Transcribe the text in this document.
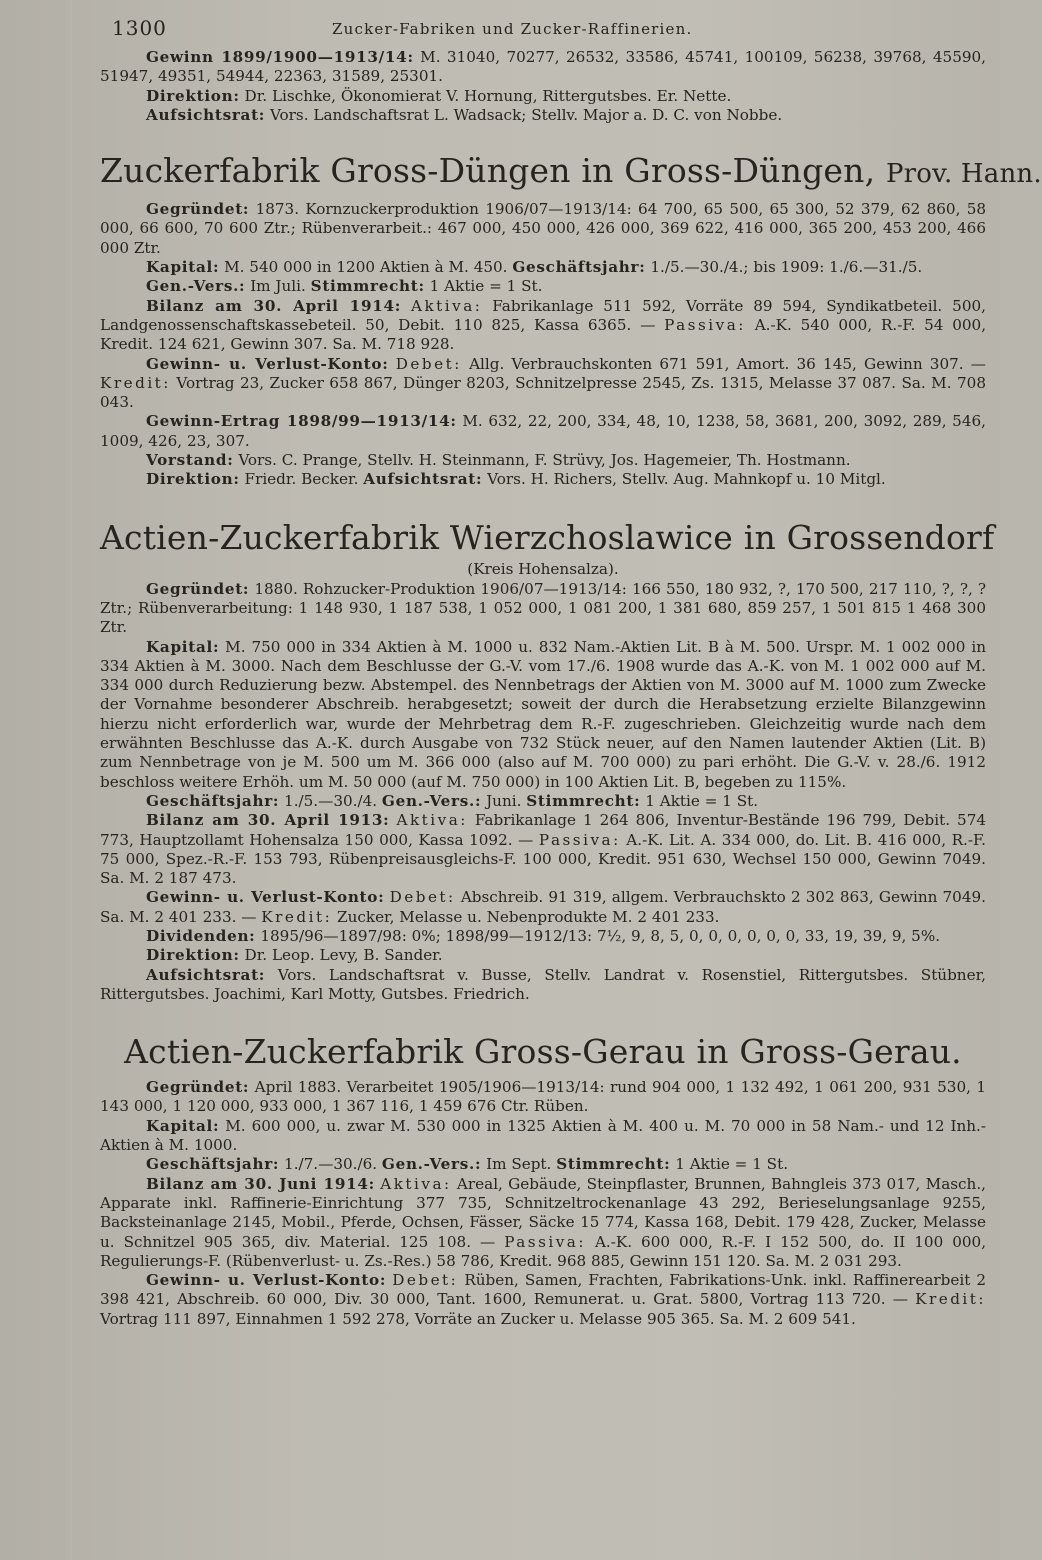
1300	Zucker-Fabriken und Zucker-Raffinerien.

Gewinn 1899/1900—1913/14: M. 31040, 70277, 26532, 33586, 45741, 100109, 56238, 39768, 45590, 51947, 49351, 54944, 22363, 31589, 25301.

Direktion: Dr. Lischke, Ökonomierat V. Hornung, Rittergutsbes. Er. Nette.

Aufsichtsrat: Vors. Landschaftsrat L. Wadsack; Stellv. Major a. D. C. von Nobbe.

Zuckerfabrik Gross-Düngen in Gross-Düngen, Prov. Hann.

Gegründet: 1873. Kornzuckerproduktion 1906/07—1913/14: 64 700, 65 500, 65 300, 52 379, 62 860, 58 000, 66 600, 70 600 Ztr.; Rübenverarbeit.: 467 000, 450 000, 426 000, 369 622, 416 000, 365 200, 453 200, 466 000 Ztr.

Kapital: M. 540 000 in 1200 Aktien à M. 450. Geschäftsjahr: 1./5.—30./4.; bis 1909: 1./6.—31./5.

Gen.-Vers.: Im Juli. Stimmrecht: 1 Aktie = 1 St.

Bilanz am 30. April 1914: Aktiva: Fabrikanlage 511 592, Vorräte 89 594, Syndikatbeteil. 500, Landgenossenschaftskassebeteil. 50, Debit. 110 825, Kassa 6365. — Passiva: A.-K. 540 000, R.-F. 54 000, Kredit. 124 621, Gewinn 307. Sa. M. 718 928.

Gewinn- u. Verlust-Konto: Debet: Allg. Verbrauchskonten 671 591, Amort. 36 145, Gewinn 307. — Kredit: Vortrag 23, Zucker 658 867, Dünger 8203, Schnitzelpresse 2545, Zs. 1315, Melasse 37 087. Sa. M. 708 043.

Gewinn-Ertrag 1898/99—1913/14: M. 632, 22, 200, 334, 48, 10, 1238, 58, 3681, 200, 3092, 289, 546, 1009, 426, 23, 307.

Vorstand: Vors. C. Prange, Stellv. H. Steinmann, F. Strüvy, Jos. Hagemeier, Th. Hostmann.

Direktion: Friedr. Becker. Aufsichtsrat: Vors. H. Richers, Stellv. Aug. Mahnkopf u. 10 Mitgl.

Actien-Zuckerfabrik Wierzchoslawice in Grossendorf
(Kreis Hohensalza).

Gegründet: 1880. Rohzucker-Produktion 1906/07—1913/14: 166 550, 180 932, ?, 170 500, 217 110, ?, ?, ? Ztr.; Rübenverarbeitung: 1 148 930, 1 187 538, 1 052 000, 1 081 200, 1 381 680, 859 257, 1 501 815 1 468 300 Ztr.

Kapital: M. 750 000 in 334 Aktien à M. 1000 u. 832 Nam.-Aktien Lit. B à M. 500. Urspr. M. 1 002 000 in 334 Aktien à M. 3000. Nach dem Beschlusse der G.-V. vom 17./6. 1908 wurde das A.-K. von M. 1 002 000 auf M. 334 000 durch Reduzierung bezw. Abstempel. des Nennbetrags der Aktien von M. 3000 auf M. 1000 zum Zwecke der Vornahme besonderer Abschreib. herabgesetzt; soweit der durch die Herabsetzung erzielte Bilanzgewinn hierzu nicht erforderlich war, wurde der Mehrbetrag dem R.-F. zugeschrieben. Gleichzeitig wurde nach dem erwähnten Beschlusse das A.-K. durch Ausgabe von 732 Stück neuer, auf den Namen lautender Aktien (Lit. B) zum Nennbetrage von je M. 500 um M. 366 000 (also auf M. 700 000) zu pari erhöht. Die G.-V. v. 28./6. 1912 beschloss weitere Erhöh. um M. 50 000 (auf M. 750 000) in 100 Aktien Lit. B, begeben zu 115%.

Geschäftsjahr: 1./5.—30./4. Gen.-Vers.: Juni. Stimmrecht: 1 Aktie = 1 St.

Bilanz am 30. April 1913: Aktiva: Fabrikanlage 1 264 806, Inventur-Bestände 196 799, Debit. 574 773, Hauptzollamt Hohensalza 150 000, Kassa 1092. — Passiva: A.-K. Lit. A. 334 000, do. Lit. B. 416 000, R.-F. 75 000, Spez.-R.-F. 153 793, Rübenpreisausgleichs-F. 100 000, Kredit. 951 630, Wechsel 150 000, Gewinn 7049. Sa. M. 2 187 473.

Gewinn- u. Verlust-Konto: Debet: Abschreib. 91 319, allgem. Verbrauchskto 2 302 863, Gewinn 7049. Sa. M. 2 401 233. — Kredit: Zucker, Melasse u. Nebenprodukte M. 2 401 233.

Dividenden: 1895/96—1897/98: 0%; 1898/99—1912/13: 7½, 9, 8, 5, 0, 0, 0, 0, 0, 0, 33, 19, 39, 9, 5%.

Direktion: Dr. Leop. Levy, B. Sander.

Aufsichtsrat: Vors. Landschaftsrat v. Busse, Stellv. Landrat v. Rosenstiel, Rittergutsbes. Stübner, Rittergutsbes. Joachimi, Karl Motty, Gutsbes. Friedrich.

Actien-Zuckerfabrik Gross-Gerau in Gross-Gerau.

Gegründet: April 1883. Verarbeitet 1905/1906—1913/14: rund 904 000, 1 132 492, 1 061 200, 931 530, 1 143 000, 1 120 000, 933 000, 1 367 116, 1 459 676 Ctr. Rüben.

Kapital: M. 600 000, u. zwar M. 530 000 in 1325 Aktien à M. 400 u. M. 70 000 in 58 Nam.- und 12 Inh.-Aktien à M. 1000.

Geschäftsjahr: 1./7.—30./6. Gen.-Vers.: Im Sept. Stimmrecht: 1 Aktie = 1 St.

Bilanz am 30. Juni 1914: Aktiva: Areal, Gebäude, Steinpflaster, Brunnen, Bahngleis 373 017, Masch., Apparate inkl. Raffinerie-Einrichtung 377 735, Schnitzeltrockenanlage 43 292, Berieselungsanlage 9255, Backsteinanlage 2145, Mobil., Pferde, Ochsen, Fässer, Säcke 15 774, Kassa 168, Debit. 179 428, Zucker, Melasse u. Schnitzel 905 365, div. Material. 125 108. — Passiva: A.-K. 600 000, R.-F. I 152 500, do. II 100 000, Regulierungs-F. (Rübenverlust- u. Zs.-Res.) 58 786, Kredit. 968 885, Gewinn 151 120. Sa. M. 2 031 293.

Gewinn- u. Verlust-Konto: Debet: Rüben, Samen, Frachten, Fabrikations-Unk. inkl. Raffinerearbeit 2 398 421, Abschreib. 60 000, Div. 30 000, Tant. 1600, Remunerat. u. Grat. 5800, Vortrag 113 720. — Kredit: Vortrag 111 897, Einnahmen 1 592 278, Vorräte an Zucker u. Melasse 905 365. Sa. M. 2 609 541.
